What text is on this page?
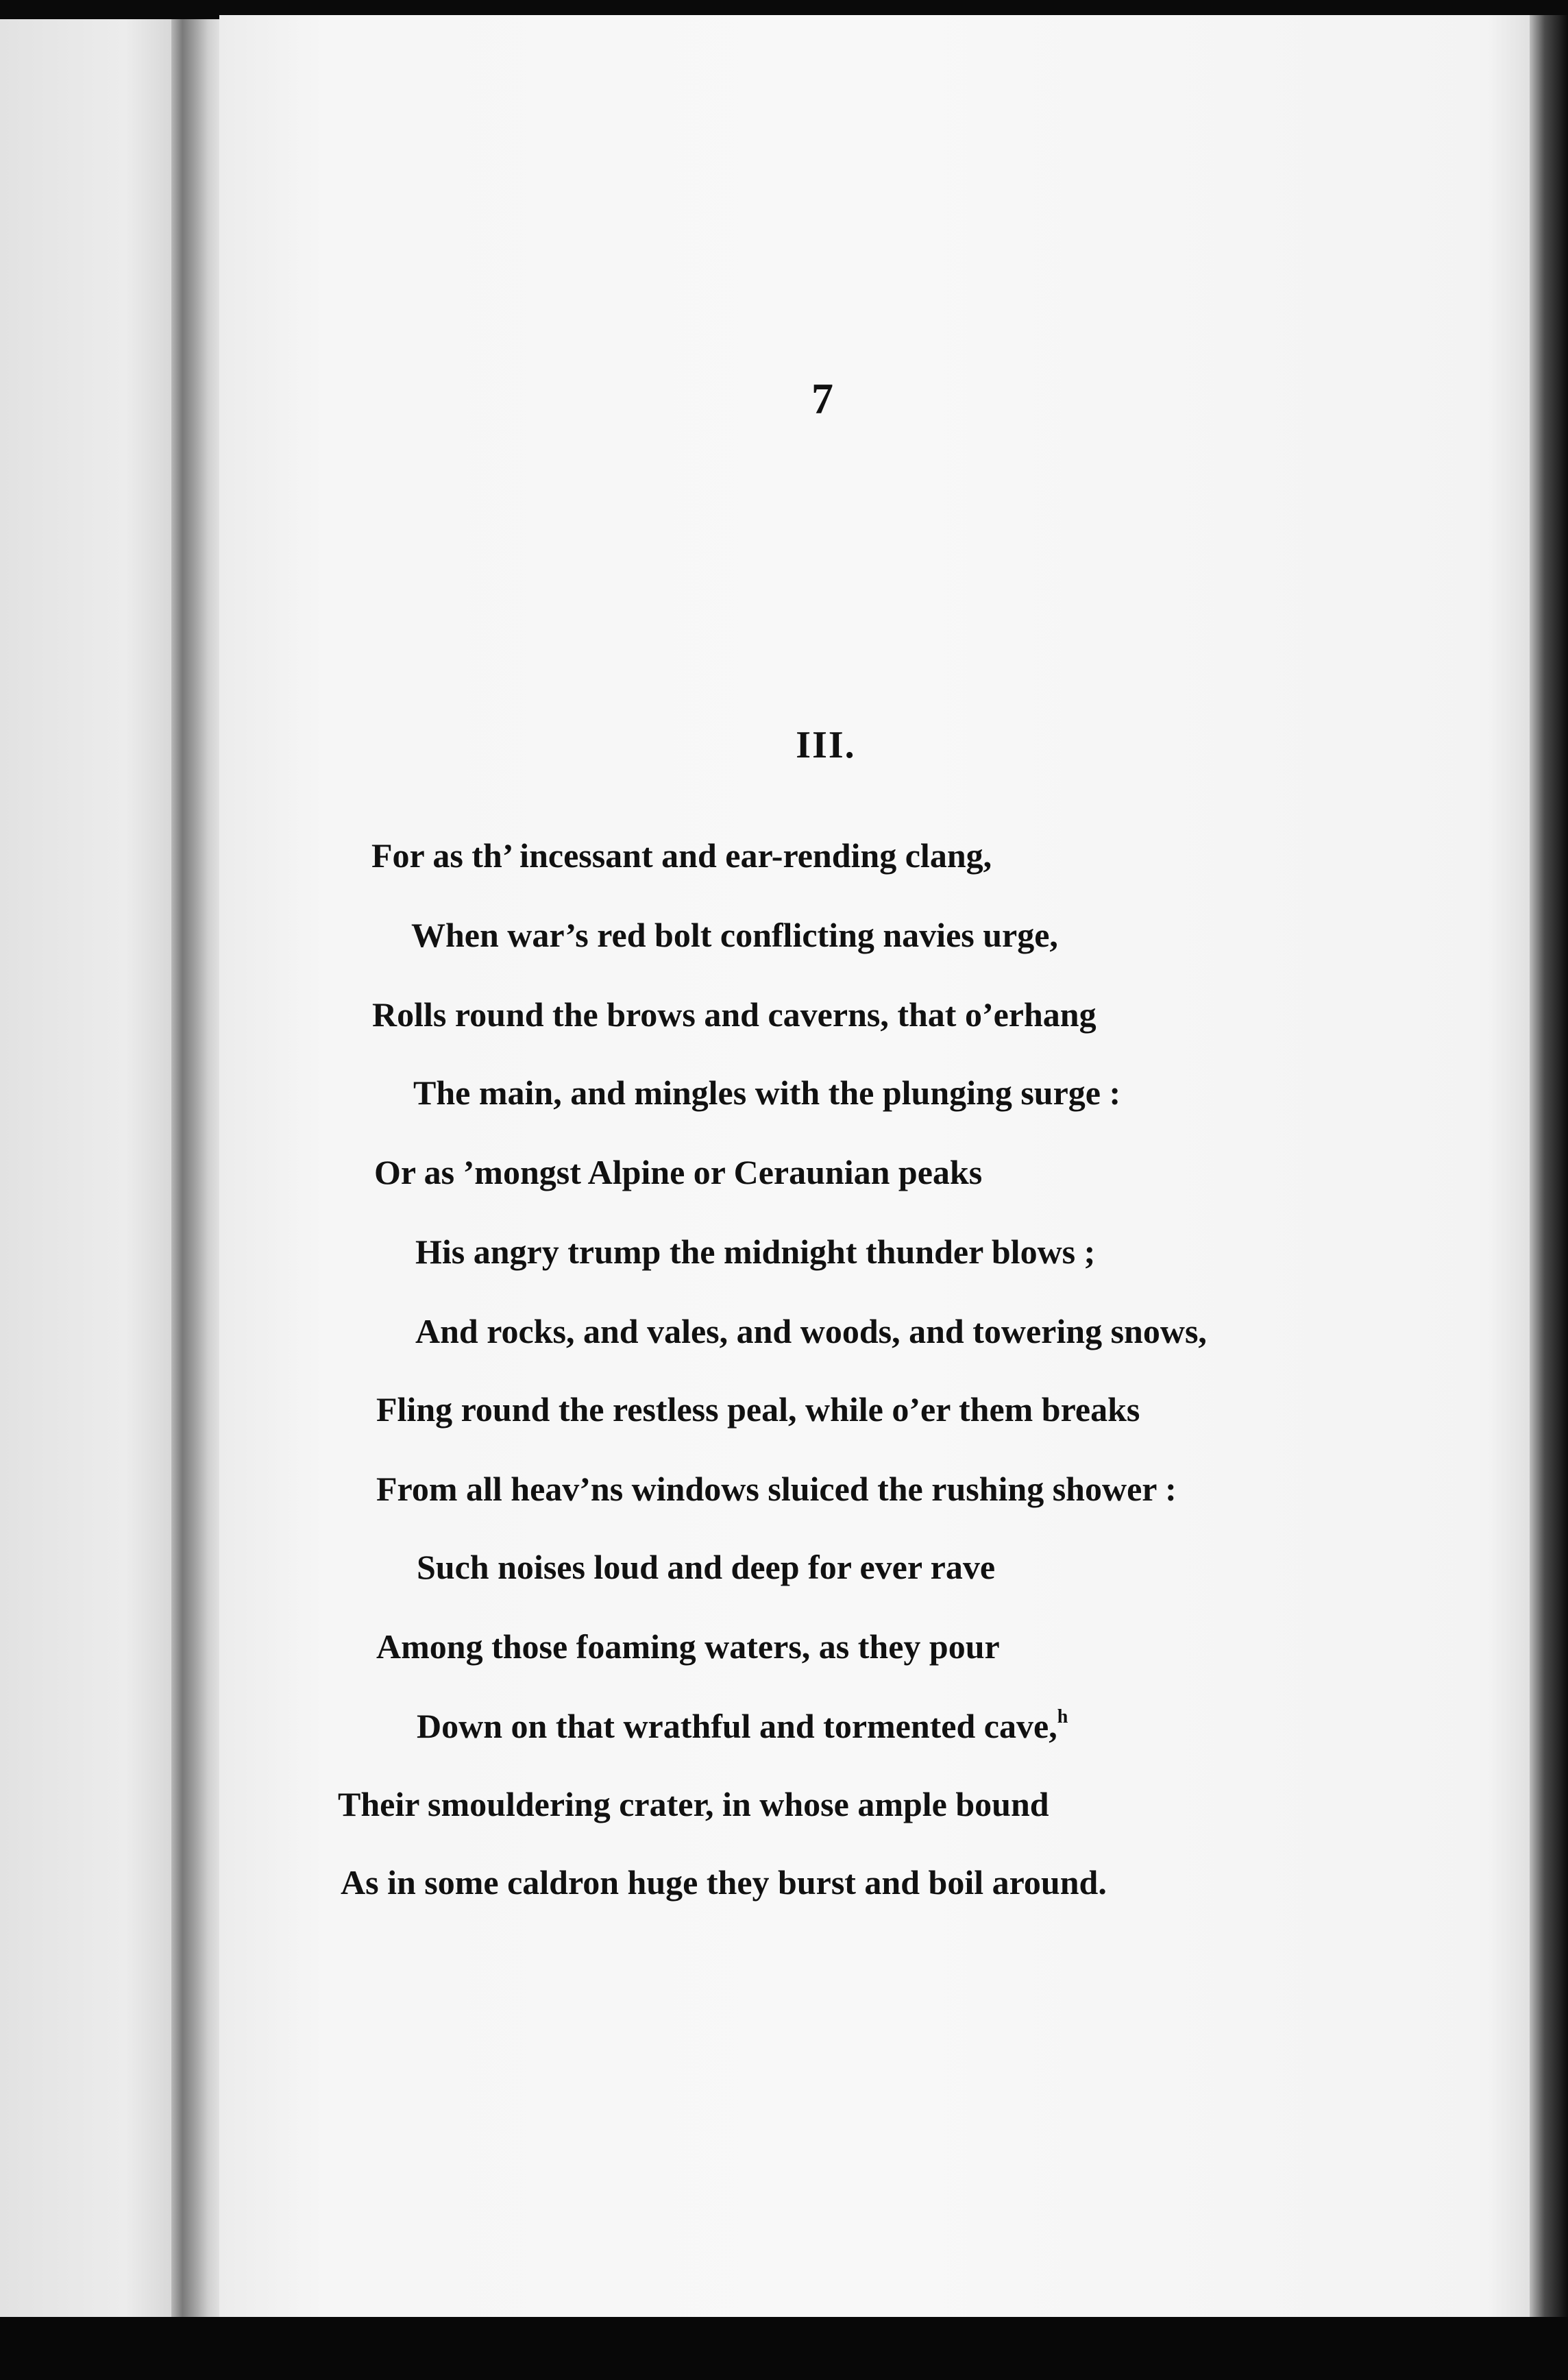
7
III.
For as th’ incessant and ear-rending clang,
When war’s red bolt conflicting navies urge,
Rolls round the brows and caverns, that o’erhang
The main, and mingles with the plunging surge :
Or as ’mongst Alpine or Ceraunian peaks
His angry trump the midnight thunder blows ;
And rocks, and vales, and woods, and towering snows,
Fling round the restless peal, while o’er them breaks
From all heav’ns windows sluiced the rushing shower :
Such noises loud and deep for ever rave
Among those foaming waters, as they pour
Down on that wrathful and tormented cave,$^h$
Their smouldering crater, in whose ample bound
As in some caldron huge they burst and boil around.
